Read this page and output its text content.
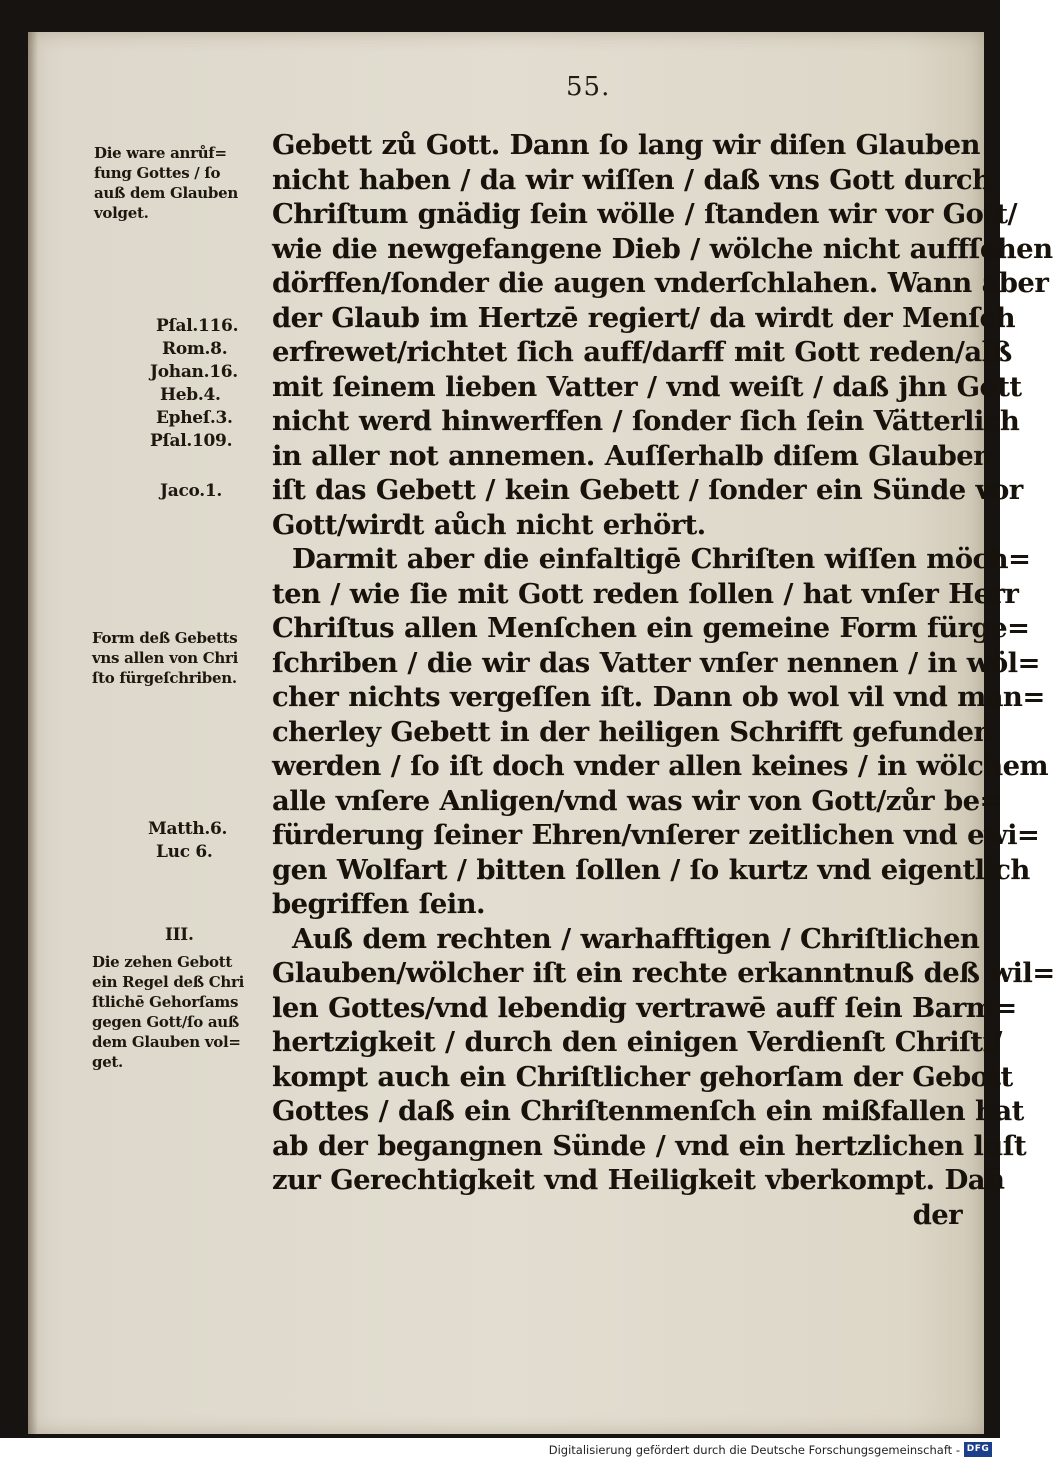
55.
Die ware anrůf=
fung Gottes / ſo
auß dem Glauben
volget.
Pſal.116.
Rom.8.
Johan.16.
Heb.4.
Epheſ.3.
Pſal.109.
Jaco.1.
Form deß Gebetts
vns allen von Chri
ſto fürgeſchriben.
Matth.6.
Luc 6.
III.
Die zehen Gebott
ein Regel deß Chri
ſtlichē Gehorſams
gegen Gott/ſo auß
dem Glauben vol=
get.
Gebett zů Gott. Dann ſo lang wir diſen Glauben
nicht haben / da wir wiſſen / daß vns Gott durch
Chriſtum gnädig ſein wölle / ſtanden wir vor Gott/
wie die newgefangene Dieb / wölche nicht auffſehen
dörffen/ſonder die augen vnderſchlahen. Wann aber
der Glaub im Hertzē regiert/ da wirdt der Menſch
erfrewet/richtet ſich auff/darff mit Gott reden/alß
mit ſeinem lieben Vatter / vnd weiſt / daß jhn Gott
nicht werd hinwerffen / ſonder ſich ſein Vätterlich
in aller not annemen. Auſſerhalb diſem Glauben
iſt das Gebett / kein Gebett / ſonder ein Sünde vor
Gott/wirdt aůch nicht erhört.
Darmit aber die einfaltigē Chriſten wiſſen möch=
ten / wie ſie mit Gott reden ſollen / hat vnſer Herr
Chriſtus allen Menſchen ein gemeine Form fürge=
ſchriben / die wir das Vatter vnſer nennen / in wöl=
cher nichts vergeſſen iſt. Dann ob wol vil vnd man=
cherley Gebett in der heiligen Schrifft gefunden
werden / ſo iſt doch vnder allen keines / in wölchem
alle vnſere Anligen/vnd was wir von Gott/zůr be=
fürderung ſeiner Ehren/vnſerer zeitlichen vnd ewi=
gen Wolfart / bitten ſollen / ſo kurtz vnd eigentlich
begriffen ſein.
Auß dem rechten / warhafftigen / Chriſtlichen
Glauben/wölcher iſt ein rechte erkanntnuß deß wil=
len Gottes/vnd lebendig vertrawē auff ſein Barm=
hertzigkeit / durch den einigen Verdienſt Chriſti/
kompt auch ein Chriſtlicher gehorſam der Gebott
Gottes / daß ein Chriſtenmenſch ein mißfallen hat
ab der begangnen Sünde / vnd ein hertzlichen luſt
zur Gerechtigkeit vnd Heiligkeit vberkompt. Dañ
der
Digitalisierung gefördert durch die Deutsche Forschungsgemeinschaft - DFG
